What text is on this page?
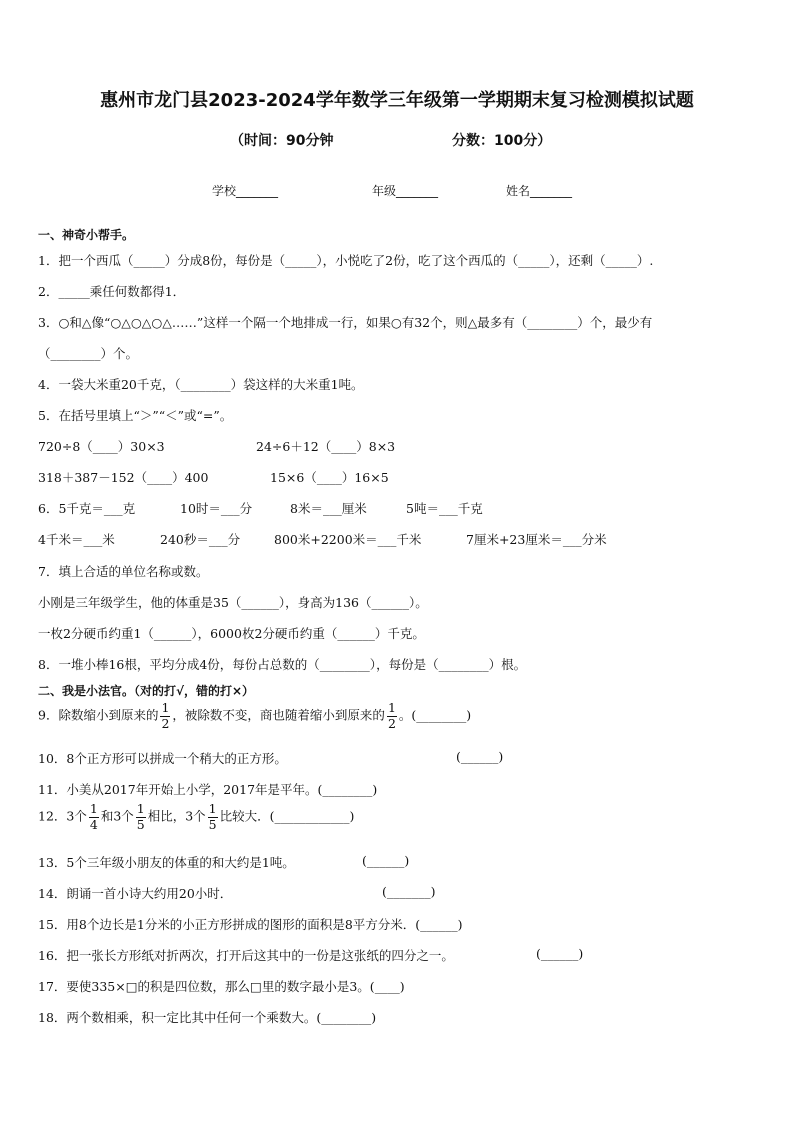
惠州市龙门县2023-2024学年数学三年级第一学期期末复习检测模拟试题
（时间：90分钟	分数：100分）
学校_______	年级_______	姓名_______
一、神奇小帮手。
1．把一个西瓜（_____）分成8份，每份是（_____），小悦吃了2份，吃了这个西瓜的（_____），还剩（_____）.
2．_____乘任何数都得1．
3．○和△像“○△○△○△……”这样一个隔一个地排成一行，如果○有32个，则△最多有（________）个，最少有
（________）个。
4．一袋大米重20千克，（________）袋这样的大米重1吨。
5．在括号里填上“＞”“＜”或“=”。
720÷8（____）30×3	24÷6＋12（____）8×3
318＋387－152（____）400	15×6（____）16×5
6．5千克＝___克	10时＝___分	8米＝___厘米	5吨＝___千克
4千米＝___米	240秒＝___分	800米+2200米＝___千米	7厘米+23厘米＝___分米
7．填上合适的单位名称或数。
小刚是三年级学生，他的体重是35（______），身高为136（______）。
一枚2分硬币约重1（______），6000枚2分硬币约重（______）千克。
8．一堆小棒16根，平均分成4份，每份占总数的（________），每份是（________）根。
二、我是小法官。（对的打√，错的打×）
9．除数缩小到原来的 $\frac{1}{2}$ ，被除数不变，商也随着缩小到原来的 $\frac{1}{2}$ 。(________)
10．8个正方形可以拼成一个稍大的正方形。	(______)
11．小美从2017年开始上小学，2017年是平年。(________)
12．3个 $\frac{1}{4}$ 和3个 $\frac{1}{5}$ 相比，3个 $\frac{1}{5}$ 比较大．(____________)
13．5个三年级小朋友的体重的和大约是1吨。	(______)
14．朗诵一首小诗大约用20小时．	(_______)
15．用8个边长是1分米的小正方形拼成的图形的面积是8平方分米．(______)
16．把一张长方形纸对折两次，打开后这其中的一份是这张纸的四分之一。	(______)
17．要使335×□的积是四位数，那么□里的数字最小是3。(____)
18．两个数相乘，积一定比其中任何一个乘数大。(________)
